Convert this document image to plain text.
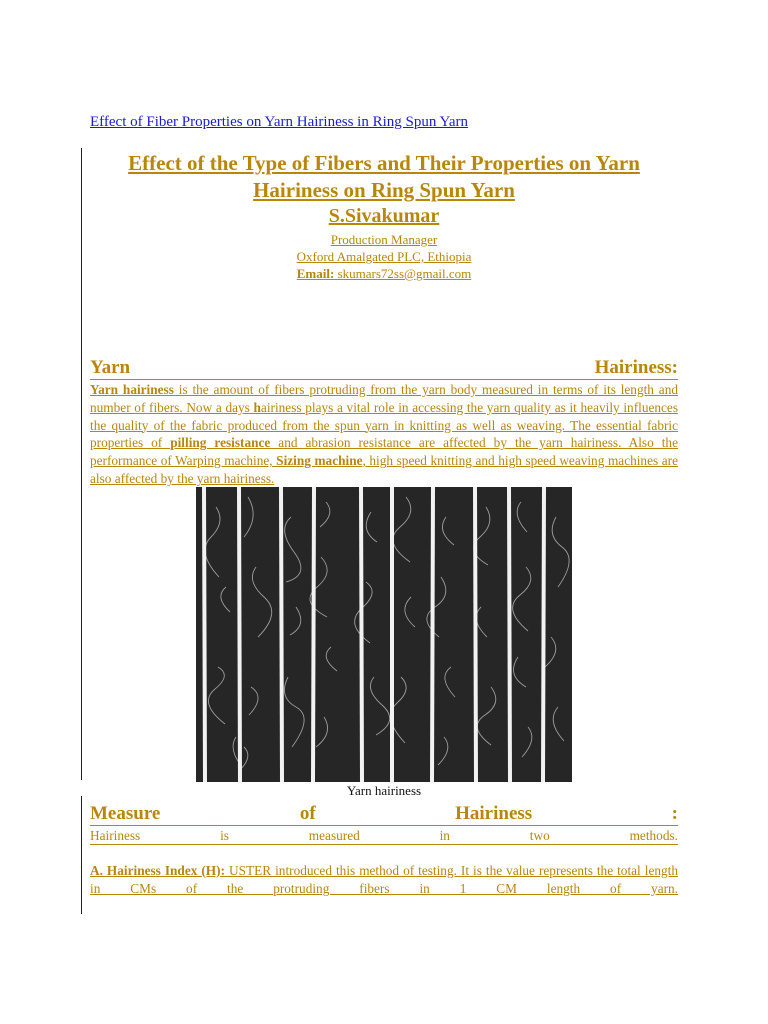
Effect of Fiber Properties on Yarn Hairiness in Ring Spun Yarn
Effect of the Type of Fibers and Their Properties on Yarn
Hairiness on Ring Spun Yarn
S.Sivakumar
Production Manager
Oxford Amalgated PLC, Ethiopia
Email: skumars72ss@gmail.com
Yarn	Hairiness:
Yarn hairiness is the amount of fibers protruding from the yarn body measured in terms of its length and number of fibers. Now a days hairiness plays a vital role in accessing the yarn quality as it heavily influences the quality of the fabric produced from the spun yarn in knitting as well as weaving. The essential fabric properties of pilling resistance and abrasion resistance are affected by the yarn hairiness. Also the performance of Warping machine, Sizing machine, high speed knitting and high speed weaving machines are also affected by the yarn hairiness.
Yarn hairiness
Measure	of	Hairiness	:
Hairiness	is	measured	in	two	methods.
A. Hairiness Index (H): USTER introduced this method of testing. It is the value represents the total length in CMs of the protruding fibers in 1 CM length of yarn.
